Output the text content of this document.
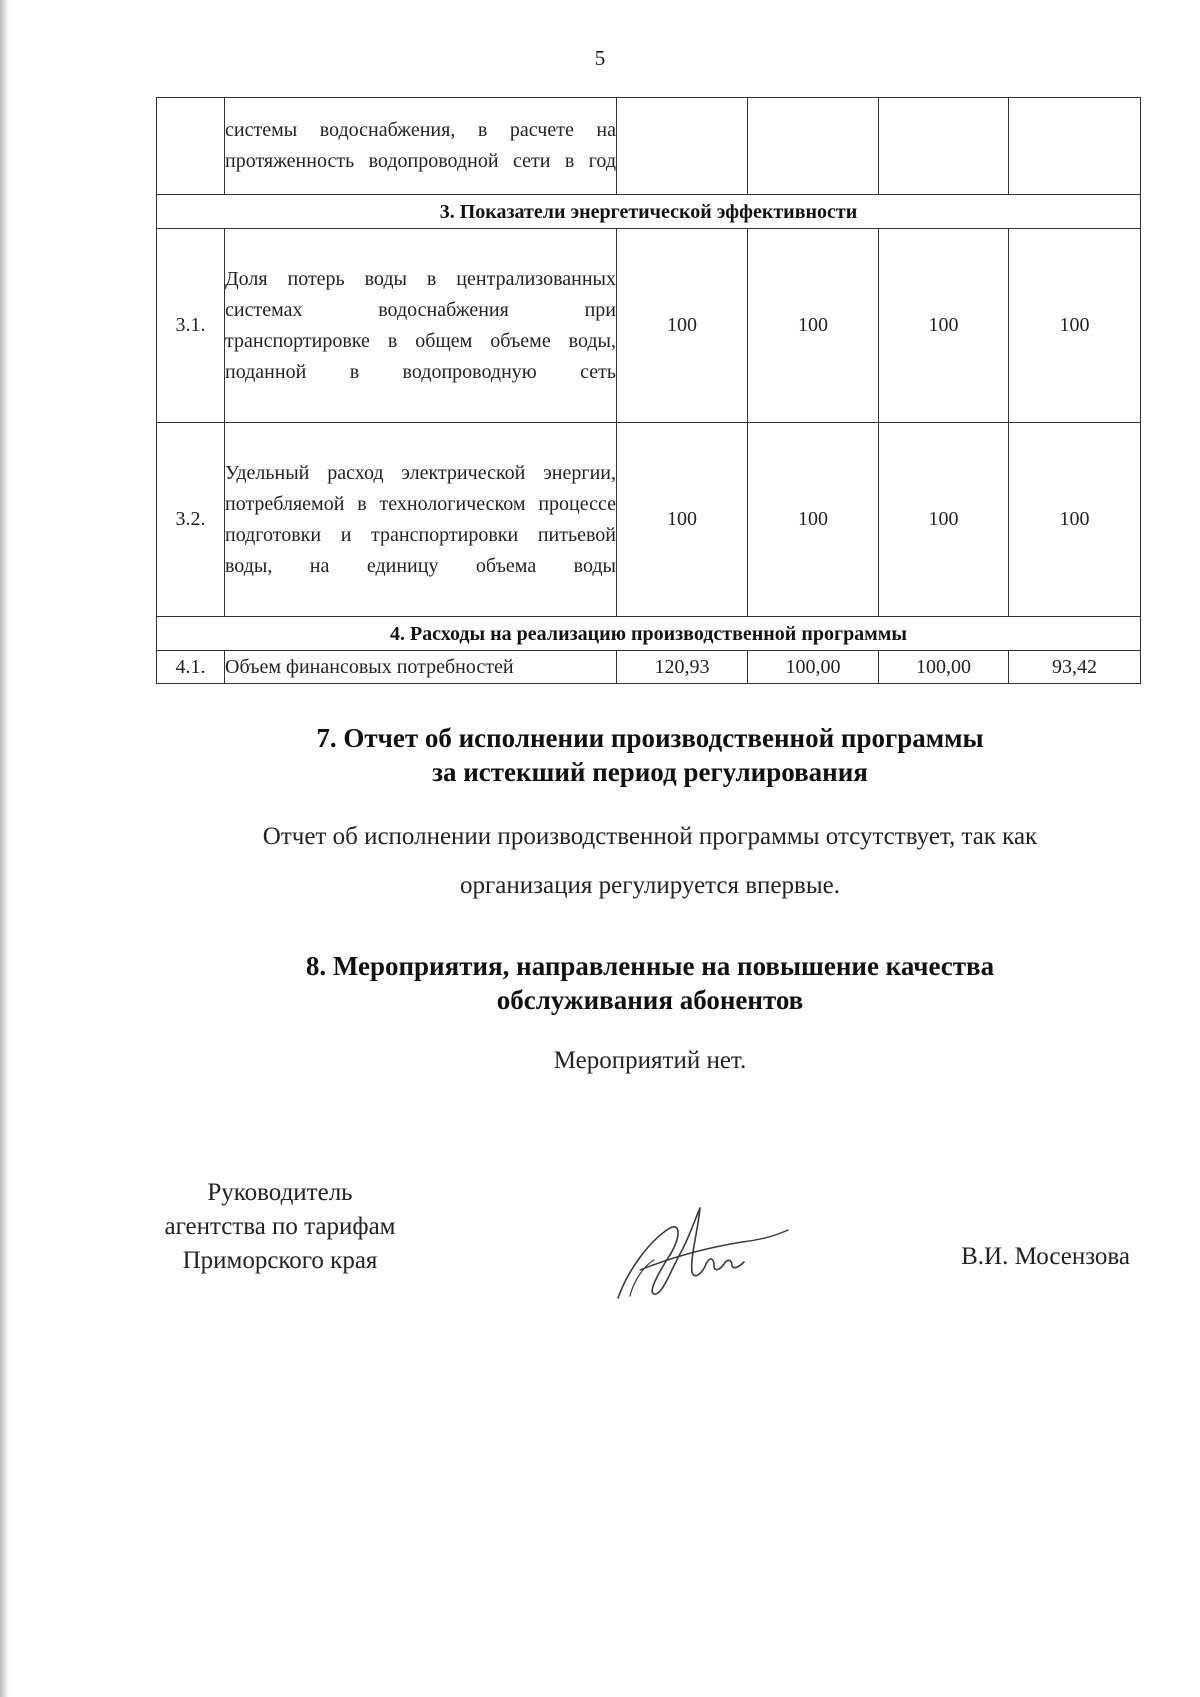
5
	системы водоснабжения, в расчете на протяженность водопроводной сети в год				
3. Показатели энергетической эффективности					
3.1.	Доля потерь воды в централизованных системах водоснабжения при транспортировке в общем объеме воды, поданной в водопроводную сеть	100	100	100	100
3.2.	Удельный расход электрической энергии, потребляемой в технологическом процессе подготовки и транспортировки питьевой воды, на единицу объема воды	100	100	100	100
4. Расходы на реализацию производственной программы					
4.1.	Объем финансовых потребностей	120,93	100,00	100,00	93,42
7. Отчет об исполнении производственной программы
за истекший период регулирования
Отчет об исполнении производственной программы отсутствует, так как
организация регулируется впервые.
8. Мероприятия, направленные на повышение качества
обслуживания абонентов
Мероприятий нет.
Руководитель
агентства по тарифам
Приморского края	В.И. Мосензова
